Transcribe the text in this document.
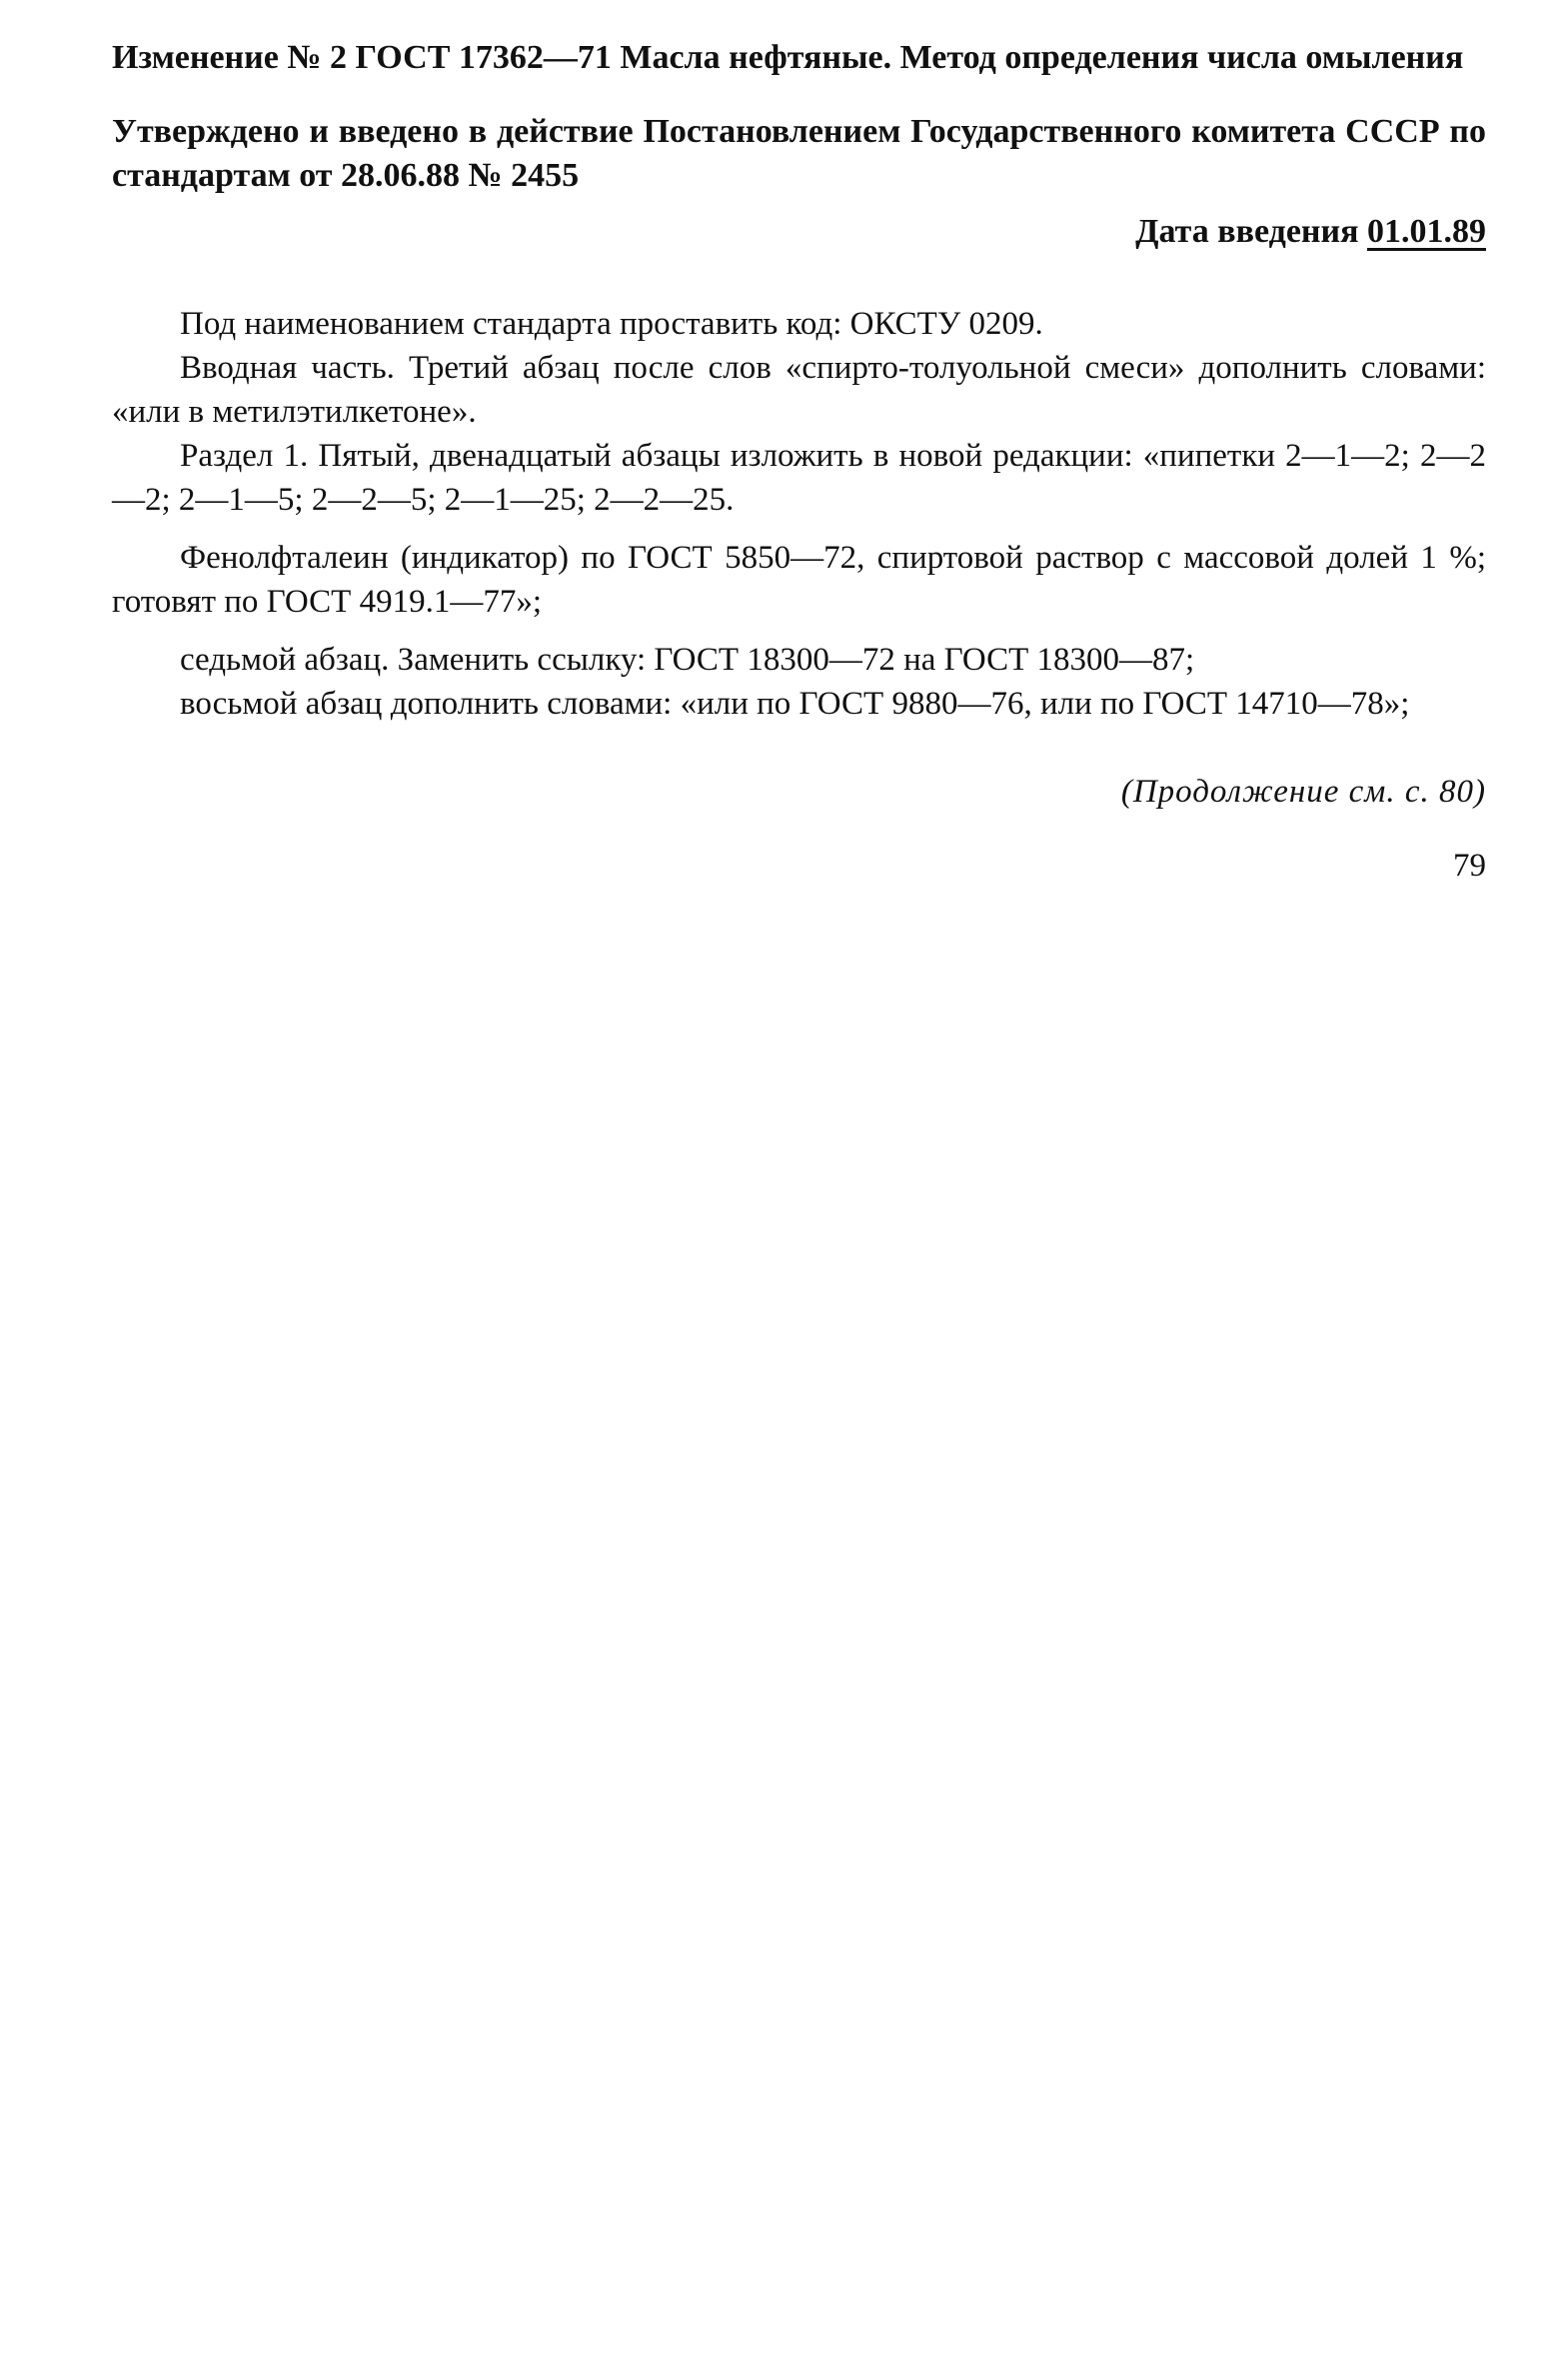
Изменение № 2 ГОСТ 17362—71 Масла нефтяные. Метод определения числа омыления

Утверждено и введено в действие Постановлением Государственного комитета СССР по стандартам от 28.06.88 № 2455

Дата введения 01.01.89

Под наименованием стандарта проставить код: ОКСТУ 0209.

Вводная часть. Третий абзац после слов «спирто-толуольной смеси» дополнить словами: «или в метилэтилкетоне».

Раздел 1. Пятый, двенадцатый абзацы изложить в новой редакции: «пипетки 2—1—2; 2—2—2; 2—1—5; 2—2—5; 2—1—25; 2—2—25.

Фенолфталеин (индикатор) по ГОСТ 5850—72, спиртовой раствор с массовой долей 1 %; готовят по ГОСТ 4919.1—77»;

седьмой абзац. Заменить ссылку: ГОСТ 18300—72 на ГОСТ 18300—87;

восьмой абзац дополнить словами: «или по ГОСТ 9880—76, или по ГОСТ 14710—78»;

(Продолжение см. с. 80)
79
